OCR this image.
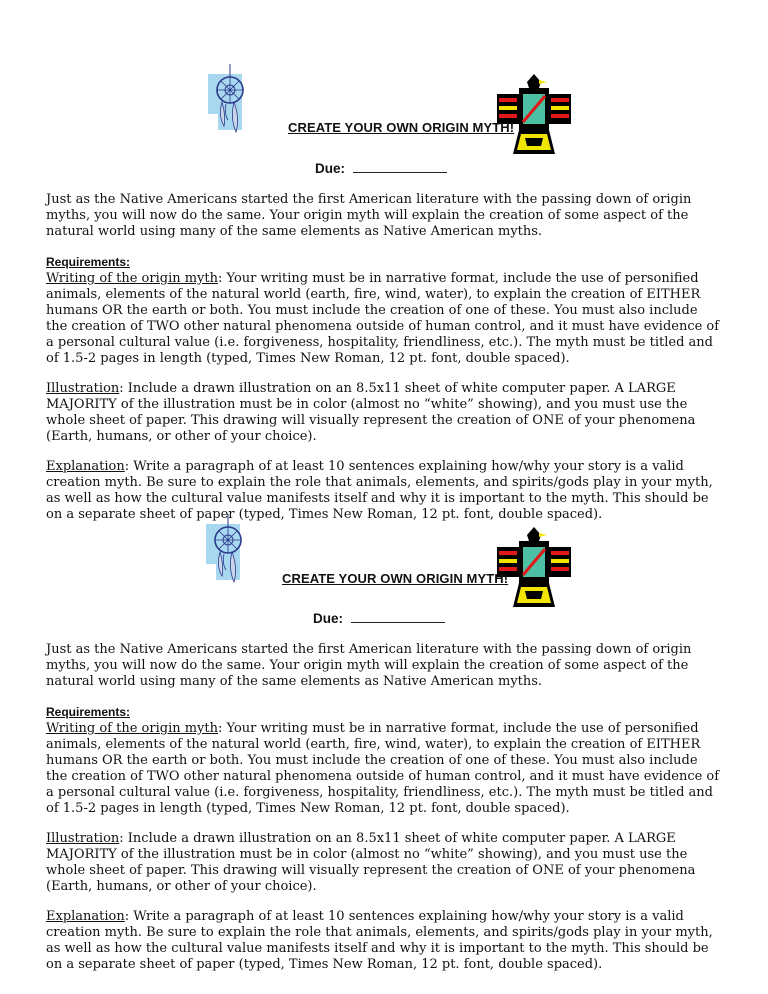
CREATE YOUR OWN ORIGIN MYTH!
Due:

Just as the Native Americans started the first American literature with the passing down of origin myths, you will now do the same. Your origin myth will explain the creation of some aspect of the natural world using many of the same elements as Native American myths.

Requirements:
Writing of the origin myth: Your writing must be in narrative format, include the use of personified animals, elements of the natural world (earth, fire, wind, water), to explain the creation of EITHER humans OR the earth or both. You must include the creation of one of these. You must also include the creation of TWO other natural phenomena outside of human control, and it must have evidence of a personal cultural value (i.e. forgiveness, hospitality, friendliness, etc.). The myth must be titled and of 1.5-2 pages in length (typed, Times New Roman, 12 pt. font, double spaced).

Illustration: Include a drawn illustration on an 8.5x11 sheet of white computer paper. A LARGE MAJORITY of the illustration must be in color (almost no “white” showing), and you must use the whole sheet of paper. This drawing will visually represent the creation of ONE of your phenomena (Earth, humans, or other of your choice).

Explanation: Write a paragraph of at least 10 sentences explaining how/why your story is a valid creation myth. Be sure to explain the role that animals, elements, and spirits/gods play in your myth, as well as how the cultural value manifests itself and why it is important to the myth. This should be on a separate sheet of paper (typed, Times New Roman, 12 pt. font, double spaced).

CREATE YOUR OWN ORIGIN MYTH!
Due:

Just as the Native Americans started the first American literature with the passing down of origin myths, you will now do the same. Your origin myth will explain the creation of some aspect of the natural world using many of the same elements as Native American myths.

Requirements:
Writing of the origin myth: Your writing must be in narrative format, include the use of personified animals, elements of the natural world (earth, fire, wind, water), to explain the creation of EITHER humans OR the earth or both. You must include the creation of one of these. You must also include the creation of TWO other natural phenomena outside of human control, and it must have evidence of a personal cultural value (i.e. forgiveness, hospitality, friendliness, etc.). The myth must be titled and of 1.5-2 pages in length (typed, Times New Roman, 12 pt. font, double spaced).

Illustration: Include a drawn illustration on an 8.5x11 sheet of white computer paper. A LARGE MAJORITY of the illustration must be in color (almost no “white” showing), and you must use the whole sheet of paper. This drawing will visually represent the creation of ONE of your phenomena (Earth, humans, or other of your choice).

Explanation: Write a paragraph of at least 10 sentences explaining how/why your story is a valid creation myth. Be sure to explain the role that animals, elements, and spirits/gods play in your myth, as well as how the cultural value manifests itself and why it is important to the myth. This should be on a separate sheet of paper (typed, Times New Roman, 12 pt. font, double spaced).
